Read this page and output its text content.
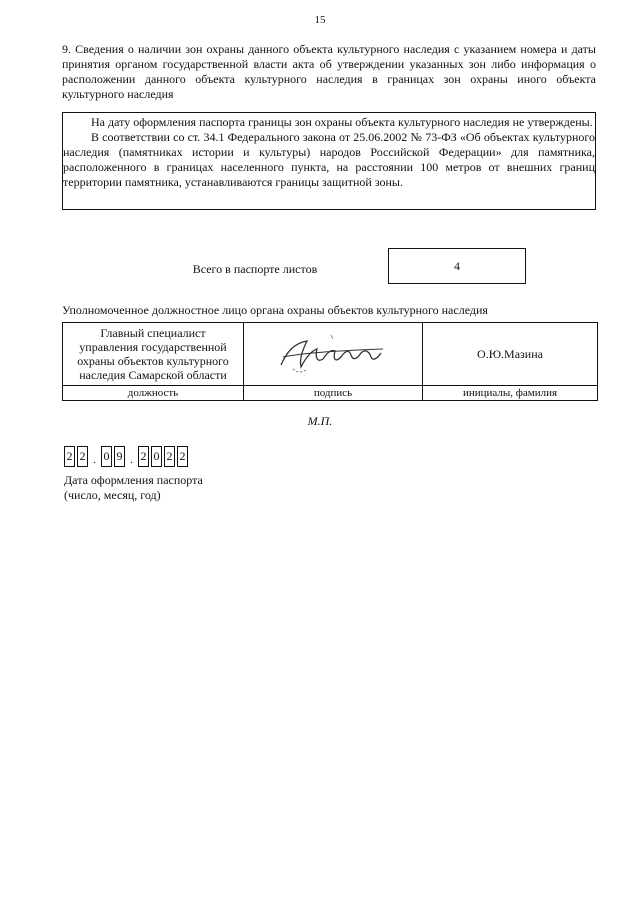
15
9. Сведения о наличии зон охраны данного объекта культурного наследия с указанием номера и даты принятия органом государственной власти акта об утверждении указанных зон либо информация о расположении данного объекта культурного наследия в границах зон охраны иного объекта культурного наследия

На дату оформления паспорта границы зон охраны объекта культурного наследия не утверждены.

В соответствии со ст. 34.1 Федерального закона от 25.06.2002 № 73-ФЗ «Об объектах культурного наследия (памятниках истории и культуры) народов Российской Федерации» для памятника, расположенного в границах населенного пункта, на расстоянии 100 метров от внешних границ территории памятника, устанавливаются границы защитной зоны.

Всего в паспорте листов	4
Уполномоченное должностное лицо органа охраны объектов культурного наследия
Главный специалист
управления государственной
охраны объектов культурного
наследия Самарской области		О.Ю.Мазина
должность	подпись	инициалы, фамилия
М.П.
2 2 . 0 9 . 2 0 2 2
Дата оформления паспорта
(число, месяц, год)
